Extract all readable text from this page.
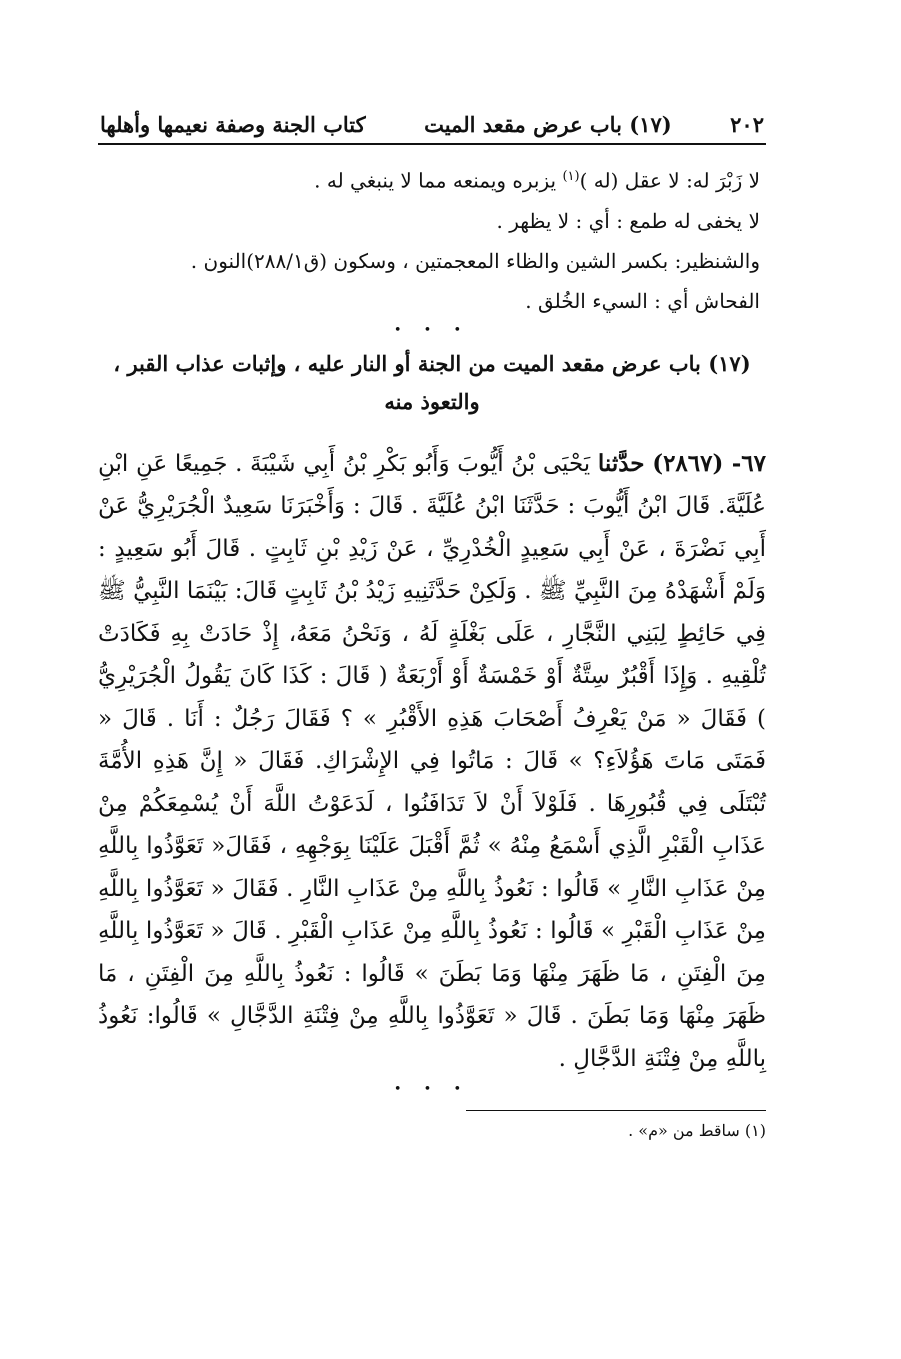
٢٠٢
(١٧) باب عرض مقعد الميت
كتاب الجنة وصفة نعيمها وأهلها
لا زَبْرَ له: لا عقل (له )$^{(١)}$ يزبره ويمنعه مما لا ينبغي له .
لا يخفى له طمع : أي : لا يظهر .
والشنظير: بكسر الشين والظاء المعجمتين ، وسكون (ق٢٨٨/١)النون .
الفحاش أي : السيء الخُلق .
• • •
(١٧) باب عرض مقعد الميت من الجنة أو النار عليه ، وإثبات عذاب القبر ،
والتعوذ منه
٦٧- (٢٨٦٧) حدَّثنا يَحْيَى بْنُ أَيُّوبَ وَأَبُو بَكْرِ بْنُ أَبِي شَيْبَةَ . جَمِيعًا عَنِ ابْنِ عُلَيَّةَ. قَالَ ابْنُ أَيُّوبَ : حَدَّثَنَا ابْنُ عُلَيَّةَ . قَالَ : وَأَخْبَرَنَا سَعِيدٌ الْجُرَيْرِيُّ عَنْ أَبِي نَضْرَةَ ، عَنْ أَبِي سَعِيدٍ الْخُدْرِيِّ ، عَنْ زَيْدِ بْنِ ثَابِتٍ . قَالَ أَبُو سَعِيدٍ : وَلَمْ أَشْهَدْهُ مِنَ النَّبِيِّ ﷺ . وَلَكِنْ حَدَّثَنِيهِ زَيْدُ بْنُ ثَابِتٍ قَالَ: بَيْنَمَا النَّبِيُّ ﷺ فِي حَائِطٍ لِبَنِي النَّجَّارِ ، عَلَى بَغْلَةٍ لَهُ ، وَنَحْنُ مَعَهُ، إِذْ حَادَتْ بِهِ فَكَادَتْ تُلْقِيهِ . وَإِذَا أَقْبُرٌ سِتَّةٌ أَوْ خَمْسَةٌ أَوْ أَرْبَعَةٌ ( قَالَ : كَذَا كَانَ يَقُولُ الْجُرَيْرِيُّ ) فَقَالَ « مَنْ يَعْرِفُ أَصْحَابَ هَذِهِ الأَقْبُرِ » ؟ فَقَالَ رَجُلٌ : أَنَا . قَالَ « فَمَتَى مَاتَ هَؤُلاَءِ؟ » قَالَ : مَاتُوا فِي الإِشْرَاكِ. فَقَالَ « إِنَّ هَذِهِ الأُمَّةَ تُبْتَلَى فِي قُبُورِهَا . فَلَوْلاَ أَنْ لاَ تَدَافَنُوا ، لَدَعَوْتُ اللَّهَ أَنْ يُسْمِعَكُمْ مِنْ عَذَابِ الْقَبْرِ الَّذِي أَسْمَعُ مِنْهُ » ثُمَّ أَقْبَلَ عَلَيْنَا بِوَجْهِهِ ، فَقَالَ« تَعَوَّذُوا بِاللَّهِ مِنْ عَذَابِ النَّارِ » قَالُوا : نَعُوذُ بِاللَّهِ مِنْ عَذَابِ النَّارِ . فَقَالَ « تَعَوَّذُوا بِاللَّهِ مِنْ عَذَابِ الْقَبْرِ » قَالُوا : نَعُوذُ بِاللَّهِ مِنْ عَذَابِ الْقَبْرِ . قَالَ « تَعَوَّذُوا بِاللَّهِ مِنَ الْفِتَنِ ، مَا ظَهَرَ مِنْهَا وَمَا بَطَنَ » قَالُوا : نَعُوذُ بِاللَّهِ مِنَ الْفِتَنِ ، مَا ظَهَرَ مِنْهَا وَمَا بَطَنَ . قَالَ « تَعَوَّذُوا بِاللَّهِ مِنْ فِتْنَةِ الدَّجَّالِ » قَالُوا: نَعُوذُ بِاللَّهِ مِنْ فِتْنَةِ الدَّجَّالِ .
• • •
(١) ساقط من «م» .
